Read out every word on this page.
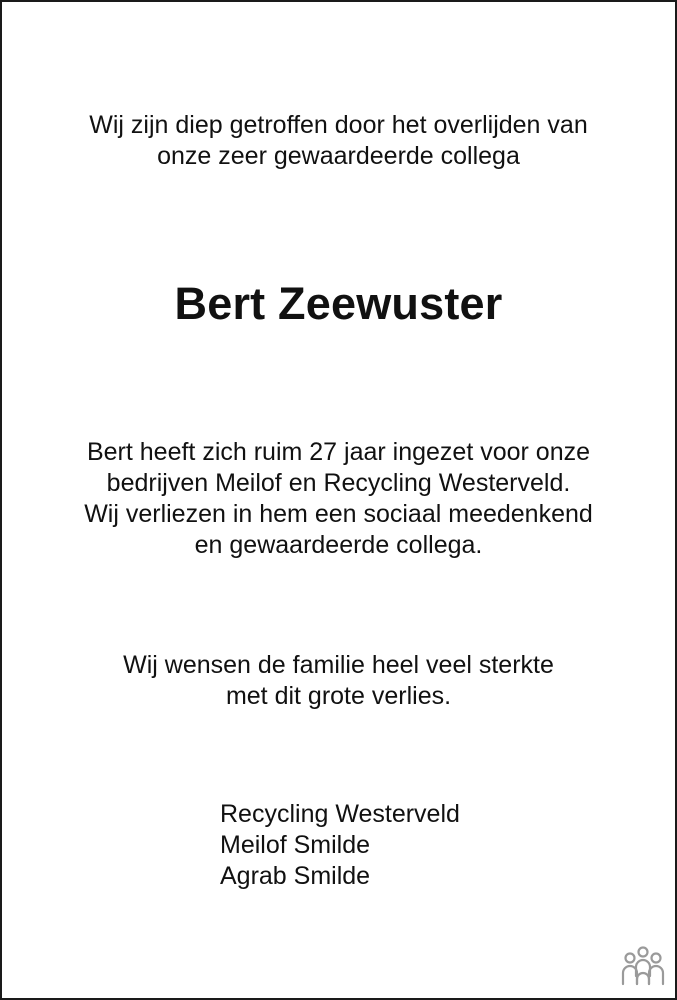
Wij zijn diep getroffen door het overlijden van
onze zeer gewaardeerde collega
Bert Zeewuster
Bert heeft zich ruim 27 jaar ingezet voor onze
bedrijven Meilof en Recycling Westerveld.
Wij verliezen in hem een sociaal meedenkend
en gewaardeerde collega.
Wij wensen de familie heel veel sterkte
met dit grote verlies.
Recycling Westerveld
Meilof Smilde
Agrab Smilde
